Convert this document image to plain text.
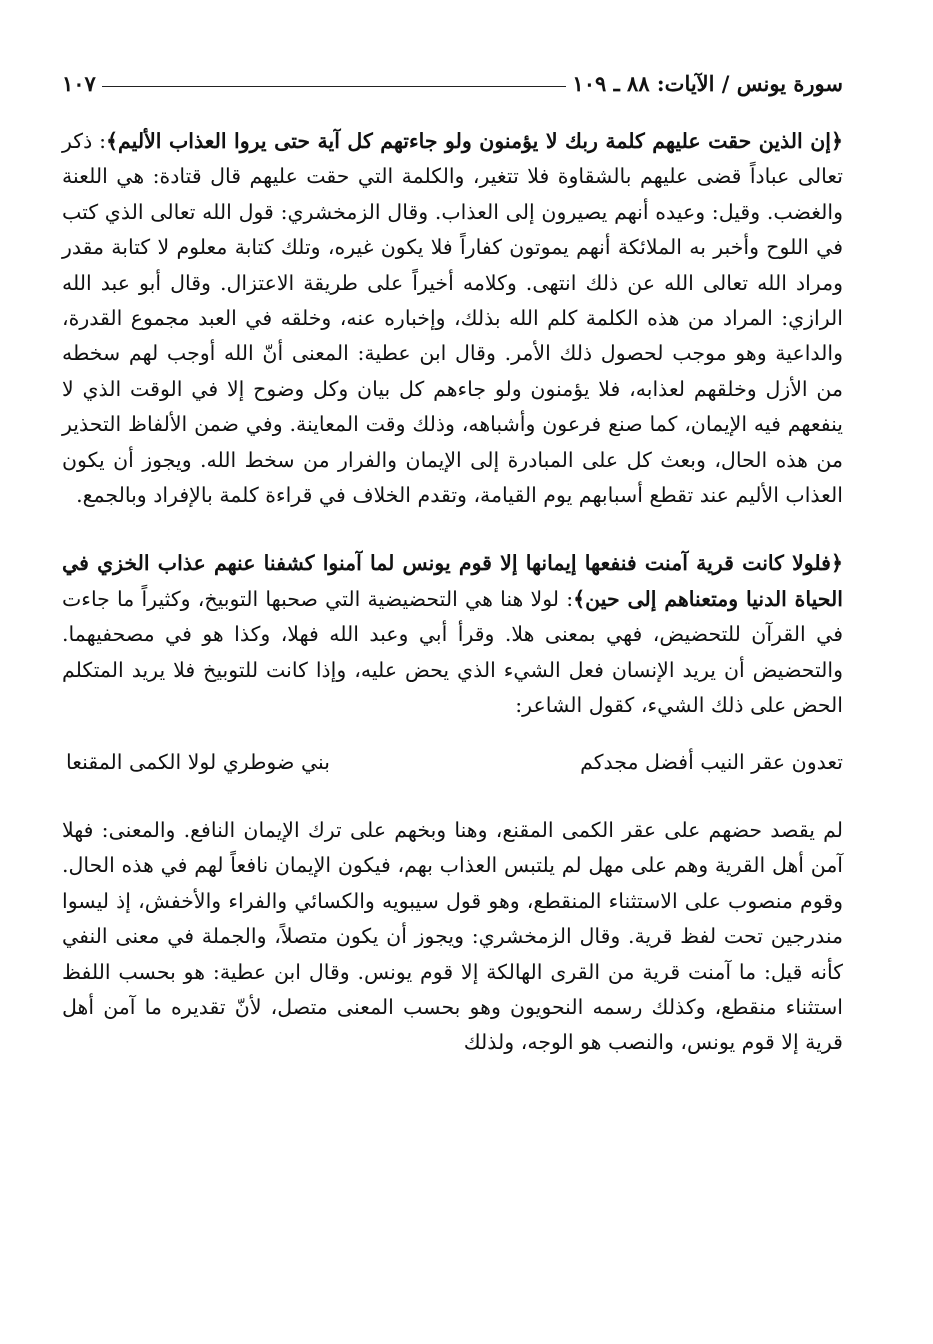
سورة يونس / الآيات: ٨٨ ـ ١٠٩
١٠٧

﴿إن الذين حقت عليهم كلمة ربك لا يؤمنون ولو جاءتهم كل آية حتى يروا العذاب الأليم﴾: ذكر تعالى عباداً قضى عليهم بالشقاوة فلا تتغير، والكلمة التي حقت عليهم قال قتادة: هي اللعنة والغضب. وقيل: وعيده أنهم يصيرون إلى العذاب. وقال الزمخشري: قول الله تعالى الذي كتب في اللوح وأخبر به الملائكة أنهم يموتون كفاراً فلا يكون غيره، وتلك كتابة معلوم لا كتابة مقدر ومراد الله تعالى الله عن ذلك انتهى. وكلامه أخيراً على طريقة الاعتزال. وقال أبو عبد الله الرازي: المراد من هذه الكلمة كلم الله بذلك، وإخباره عنه، وخلقه في العبد مجموع القدرة، والداعية وهو موجب لحصول ذلك الأمر. وقال ابن عطية: المعنى أنّ الله أوجب لهم سخطه من الأزل وخلقهم لعذابه، فلا يؤمنون ولو جاءهم كل بيان وكل وضوح إلا في الوقت الذي لا ينفعهم فيه الإيمان، كما صنع فرعون وأشباهه، وذلك وقت المعاينة. وفي ضمن الألفاظ التحذير من هذه الحال، وبعث كل على المبادرة إلى الإيمان والفرار من سخط الله. ويجوز أن يكون العذاب الأليم عند تقطع أسبابهم يوم القيامة، وتقدم الخلاف في قراءة كلمة بالإفراد وبالجمع.

﴿فلولا كانت قرية آمنت فنفعها إيمانها إلا قوم يونس لما آمنوا كشفنا عنهم عذاب الخزي في الحياة الدنيا ومتعناهم إلى حين﴾: لولا هنا هي التحضيضية التي صحبها التوبيخ، وكثيراً ما جاءت في القرآن للتحضيض، فهي بمعنى هلا. وقرأ أبي وعبد الله فهلا، وكذا هو في مصحفيهما. والتحضيض أن يريد الإنسان فعل الشيء الذي يحض عليه، وإذا كانت للتوبيخ فلا يريد المتكلم الحض على ذلك الشيء، كقول الشاعر:

تعدون عقر النيب أفضل مجدكم
بني ضوطري لولا الكمى المقنعا

لم يقصد حضهم على عقر الكمى المقنع، وهنا وبخهم على ترك الإيمان النافع. والمعنى: فهلا آمن أهل القرية وهم على مهل لم يلتبس العذاب بهم، فيكون الإيمان نافعاً لهم في هذه الحال. وقوم منصوب على الاستثناء المنقطع، وهو قول سيبويه والكسائي والفراء والأخفش، إذ ليسوا مندرجين تحت لفظ قرية. وقال الزمخشري: ويجوز أن يكون متصلاً، والجملة في معنى النفي كأنه قيل: ما آمنت قرية من القرى الهالكة إلا قوم يونس. وقال ابن عطية: هو بحسب اللفظ استثناء منقطع، وكذلك رسمه النحويون وهو بحسب المعنى متصل، لأنّ تقديره ما آمن أهل قرية إلا قوم يونس، والنصب هو الوجه، ولذلك
